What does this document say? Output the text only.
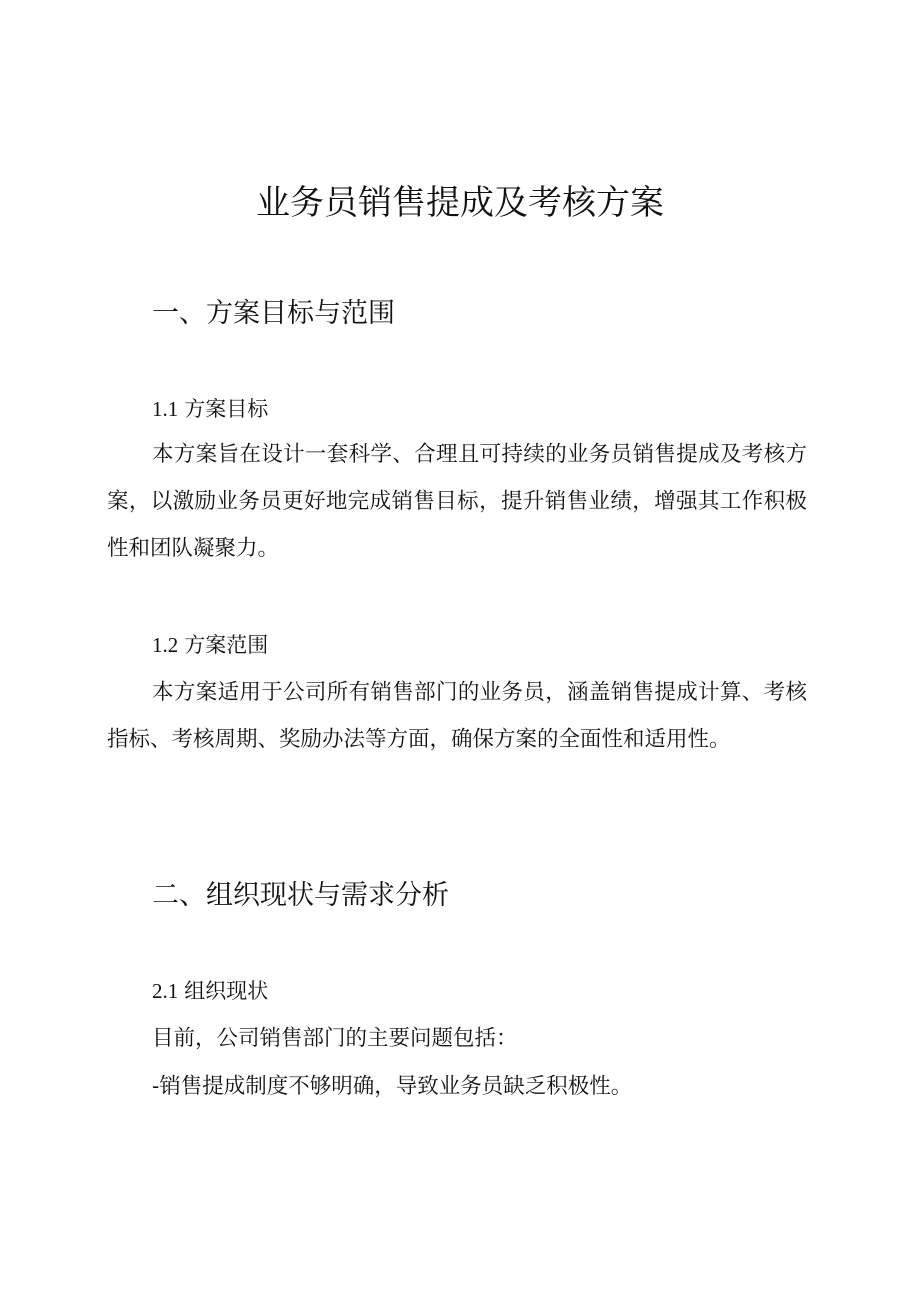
业务员销售提成及考核方案
一、方案目标与范围
1.1 方案目标

本方案旨在设计一套科学、合理且可持续的业务员销售提成及考核方案，以激励业务员更好地完成销售目标，提升销售业绩，增强其工作积极性和团队凝聚力。

1.2 方案范围

本方案适用于公司所有销售部门的业务员，涵盖销售提成计算、考核指标、考核周期、奖励办法等方面，确保方案的全面性和适用性。

二、组织现状与需求分析
2.1 组织现状

目前，公司销售部门的主要问题包括：

-销售提成制度不够明确，导致业务员缺乏积极性。
